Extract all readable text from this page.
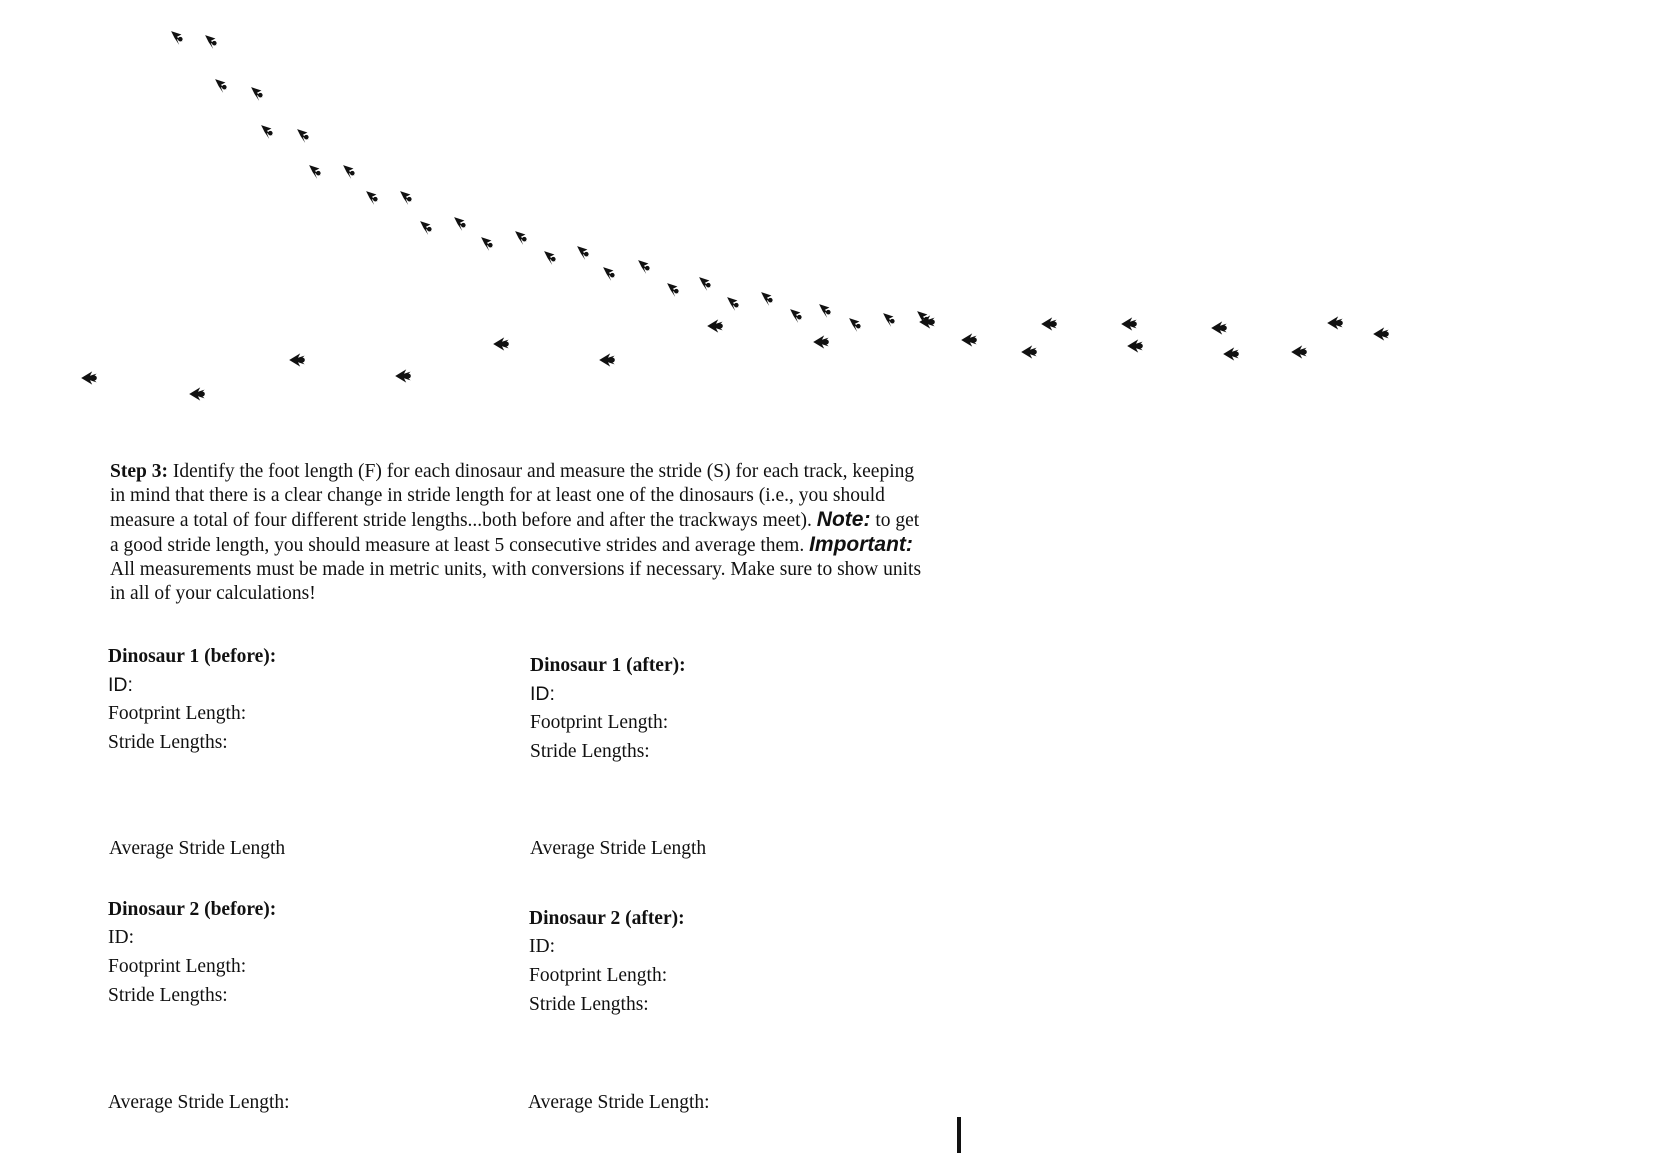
Step 3: Identify the foot length (F) for each dinosaur and measure the stride (S) for each track, keeping in mind that there is a clear change in stride length for at least one of the dinosaurs (i.e., you should measure a total of four different stride lengths...both before and after the trackways meet). Note: to get a good stride length, you should measure at least 5 consecutive strides and average them. Important: All measurements must be made in metric units, with conversions if necessary. Make sure to show units in all of your calculations!
Dinosaur 1 (before):
ID:
Footprint Length:
Stride Lengths:
Average Stride Length
Dinosaur 1 (after):
ID:
Footprint Length:
Stride Lengths:
Average Stride Length
Dinosaur 2 (before):
ID:
Footprint Length:
Stride Lengths:
Average Stride Length:
Dinosaur 2 (after):
ID:
Footprint Length:
Stride Lengths:
Average Stride Length:
